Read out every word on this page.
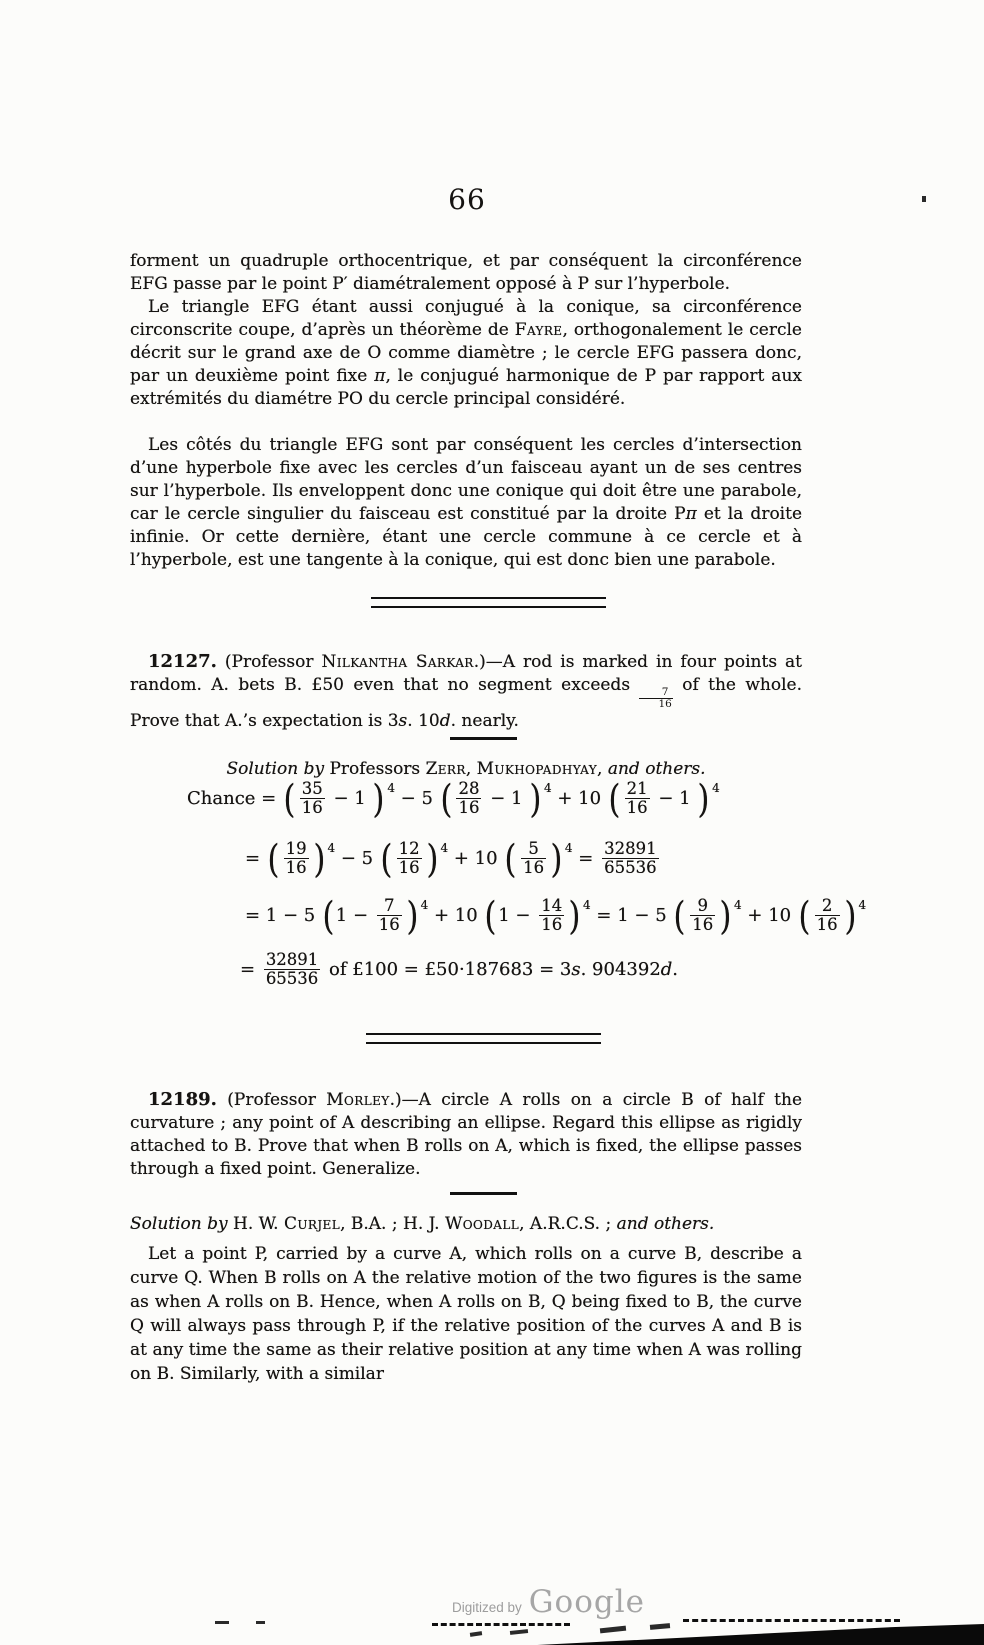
66
forment un quadruple orthocentrique, et par conséquent la circonférence EFG passe par le point P′ diamétralement opposé à P sur l’hyperbole.
Le triangle EFG étant aussi conjugué à la conique, sa circonférence circonscrite coupe, d’après un théorème de Fayre, orthogonalement le cercle décrit sur le grand axe de O comme diamètre ; le cercle EFG passera donc, par un deuxième point fixe π, le conjugué harmonique de P par rapport aux extrémités du diamétre PO du cercle principal considéré.
Les côtés du triangle EFG sont par conséquent les cercles d’intersection d’une hyperbole fixe avec les cercles d’un faisceau ayant un de ses centres sur l’hyperbole. Ils enveloppent donc une conique qui doit être une parabole, car le cercle singulier du faisceau est constitué par la droite Pπ et la droite infinie. Or cette dernière, étant une cercle commune à ce cercle et à l’hyperbole, est une tangente à la conique, qui est donc bien une parabole.
12127. (Professor Nilkantha Sarkar.)—A rod is marked in four points at random. A. bets B. £50 even that no segment exceeds
$\frac{7}{16}$
of the whole. Prove that A.’s expectation is 3s. 10d. nearly.
Solution by Professors Zerr, Mukhopadhyay, and others.
Chance = ( $\frac{35}{16} - 1$ ) 4
− 5 ( $\frac{28}{16} - 1$ ) 4
+ 10 ( $\frac{21}{16} - 1$ ) 4
= ( $\frac{19}{16}$ ) 4
− 5 ( $\frac{12}{16}$ ) 4
+ 10 ( $\frac{5}{16}$ ) 4
= $\frac{32891}{65536}$
= 1 − 5 ( $1 - \frac{7}{16}$ ) 4
+ 10 ( $1 - \frac{14}{16}$ ) 4
= 1 − 5 ( $\frac{9}{16}$ ) 4
+ 10 ( $\frac{2}{16}$ ) 4
= $\frac{32891}{65536}$ of £100 = £50·187683 = 3 s . 904392 d .
12189. (Professor Morley.)—A circle A rolls on a circle B of half the curvature ; any point of A describing an ellipse. Regard this ellipse as rigidly attached to B. Prove that when B rolls on A, which is fixed, the ellipse passes through a fixed point. Generalize.
Solution by H. W. Curjel, B.A. ; H. J. Woodall, A.R.C.S. ; and others.
Let a point P, carried by a curve A, which rolls on a curve B, describe a curve Q. When B rolls on A the relative motion of the two figures is the same as when A rolls on B. Hence, when A rolls on B, Q being fixed to B, the curve Q will always pass through P, if the relative position of the curves A and B is at any time the same as their relative position at any time when A was rolling on B. Similarly, with a similar
Digitized by Google
